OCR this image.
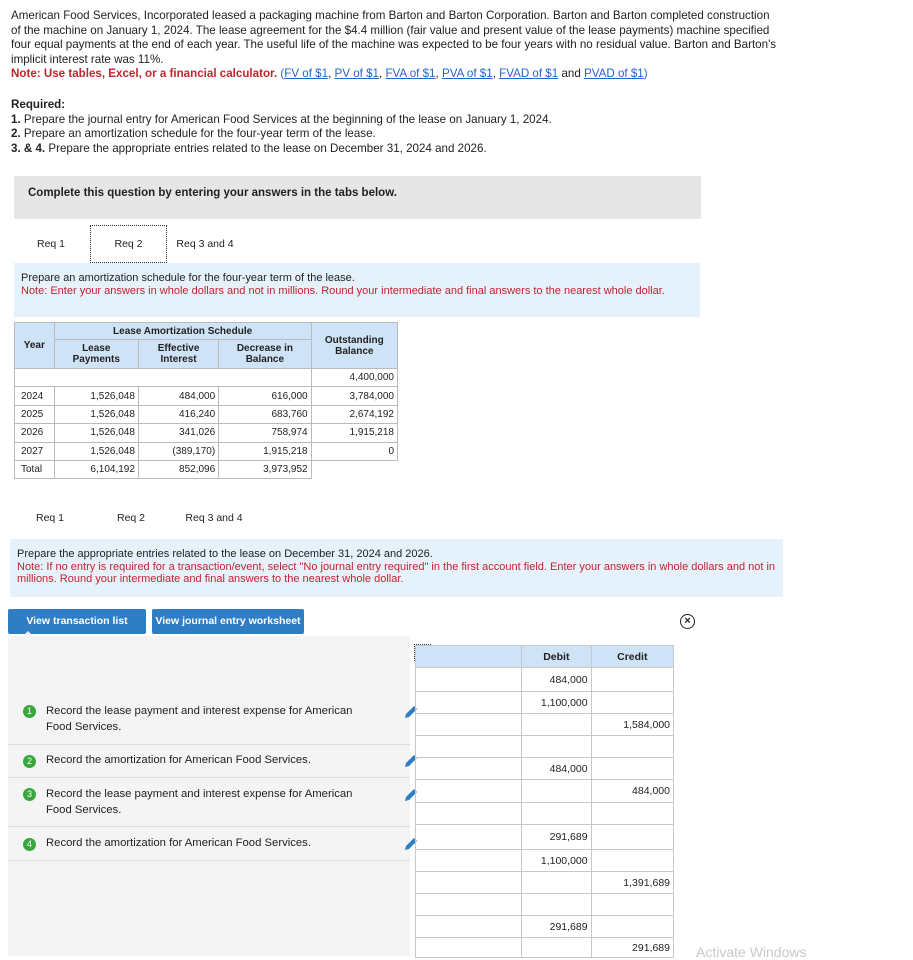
American Food Services, Incorporated leased a packaging machine from Barton and Barton Corporation. Barton and Barton completed construction of the machine on January 1, 2024. The lease agreement for the $4.4 million (fair value and present value of the lease payments) machine specified four equal payments at the end of each year. The useful life of the machine was expected to be four years with no residual value. Barton and Barton's implicit interest rate was 11%.
Note: Use tables, Excel, or a financial calculator. (FV of $1, PV of $1, FVA of $1, PVA of $1, FVAD of $1 and PVAD of $1)
Required:
1. Prepare the journal entry for American Food Services at the beginning of the lease on January 1, 2024.
2. Prepare an amortization schedule for the four-year term of the lease.
3. & 4. Prepare the appropriate entries related to the lease on December 31, 2024 and 2026.
Complete this question by entering your answers in the tabs below.
Req 1	Req 2	Req 3 and 4
Prepare an amortization schedule for the four-year term of the lease.
Note: Enter your answers in whole dollars and not in millions. Round your intermediate and final answers to the nearest whole dollar.
Year	Lease Amortization Schedule			Outstanding Balance
	Lease Payments	Effective Interest	Decrease in Balance	
				4,400,000
2024	1,526,048	484,000	616,000	3,784,000
2025	1,526,048	416,240	683,760	2,674,192
2026	1,526,048	341,026	758,974	1,915,218
2027	1,526,048	(389,170)	1,915,218	0
Total	6,104,192	852,096	3,973,952	
Req 1	Req 2	Req 3 and 4
Prepare the appropriate entries related to the lease on December 31, 2024 and 2026.
Note: If no entry is required for a transaction/event, select "No journal entry required" in the first account field. Enter your answers in whole dollars and not in millions. Round your intermediate and final answers to the nearest whole dollar.
View transaction list	View journal entry worksheet	×
1	Record the lease payment and interest expense for American Food Services.
2	Record the amortization for American Food Services.
3	Record the lease payment and interest expense for American Food Services.
4	Record the amortization for American Food Services.
	Debit	Credit
	484,000	
	1,100,000	
		1,584,000

	484,000	
		484,000

	291,689	
	1,100,000	
		1,391,689

	291,689	
		291,689 Activate Windows
